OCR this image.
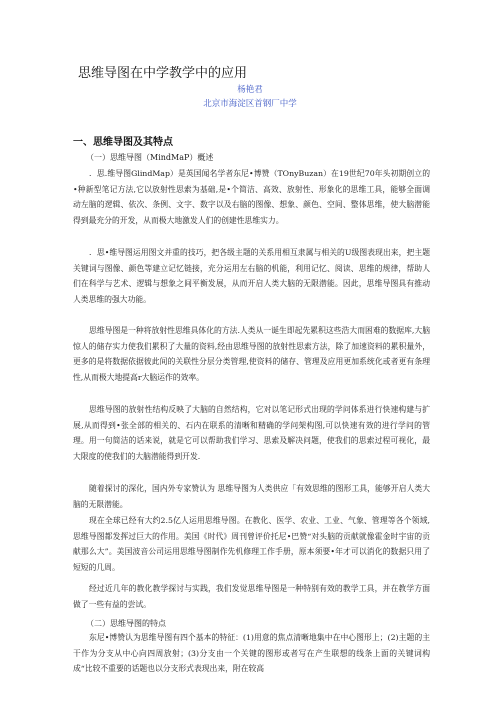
思维导图在中学教学中的应用
杨艳君
北京市海淀区首钢厂中学
一、思维导图及其特点
（一）思维导图（MindMaP）概述
．思.维导图GlindMap）是英国闻名学者东尼•博赞（TOnyBuzan）在19世纪70年头初期创立的•种新型笔记方法,它以放射性思索为基础,是•个简洁、高效、放射性、形象化的思维工具，能够全面调动左脑的逻辑、依次、条例、文字、数字以及右脑的图像、想象、颜色、空间、整体思维，使大脑潜能得到最充分的开发，从而极大地激发人们的创建性思维实力。
．思•维导图运用图文并重的技巧，把各级主题的关系用相互隶属与相关的U级图表现出来，把主题关键词与图像、颜色等建立记忆链接，充分运用左右脑的机能，利用记忆、阅读、思维的规律，帮助人们在科学与艺术、逻辑与想象之间平衡发展，从而开启人类大脑的无限潜能。因此，思维导图具有推动人类思维的强大功能。
思维导图是一种将放射性思维具体化的方法.人类从一诞生即起先累积这些浩大而困难的数据库,大脑惊人的储存实力使我们累积了大量的资料,经由思维导图的放射性思索方法，除了加速资料的累积量外，更多的是将数据依据彼此间的关联性分层分类管理,使资料的储存、管理及应用更加系统化或者更有条理性,从而极大地提高r大脑运作的效率。
思维导图的放射性结构反映了大脑的自然结构，它对以笔记形式出现的学问体系进行快速构建与扩展,从而得到•张全部的相关的、石内在联系的清晰和精确的学问架构图,可以快速有效的进行学问的管理。用一句简洁的话来说，就是它可以帮助我们学习、思索及解决问题，使我们的思索过程可视化，最大限度的使我们的大脑潜能得到开发.
随着探讨的深化，国内外专家赞认为 思维导图为人类供应「有效思维的图形工具，能够开启人类大脑的无限潜能。
现在全球已经有大约2.5亿人运用思维导图。在教化、医学、农业、工业、气象、管理等各个领域,思维导图都发挥过巨大的作用。美国《时代》周刊曾评价托尼•巴赞“对头脑的贡献就像霍金时宇宙的贡献那么大”。美国波音公司运用思维导图制作先机修理工作手册，原本须要•年才可以消化的数据只用了短短的几周。
经过近几年的教化教学探讨与实践，我们发觉思维导图是一种特别有效的教学工具，并在教学方面做了一些有益的尝试。
（二）思维导图的特点
东尼•博赞认为思维导图有四个基本的特征：(1)用意的焦点清晰地集中在中心图形上；(2)主题的主干作为分支从中心向四周放射；(3)分支由一个关键的图形或者写在产生联想的线条上面的关键词构成“比较不重要的话题也以分支形式表现出来，附在较高
